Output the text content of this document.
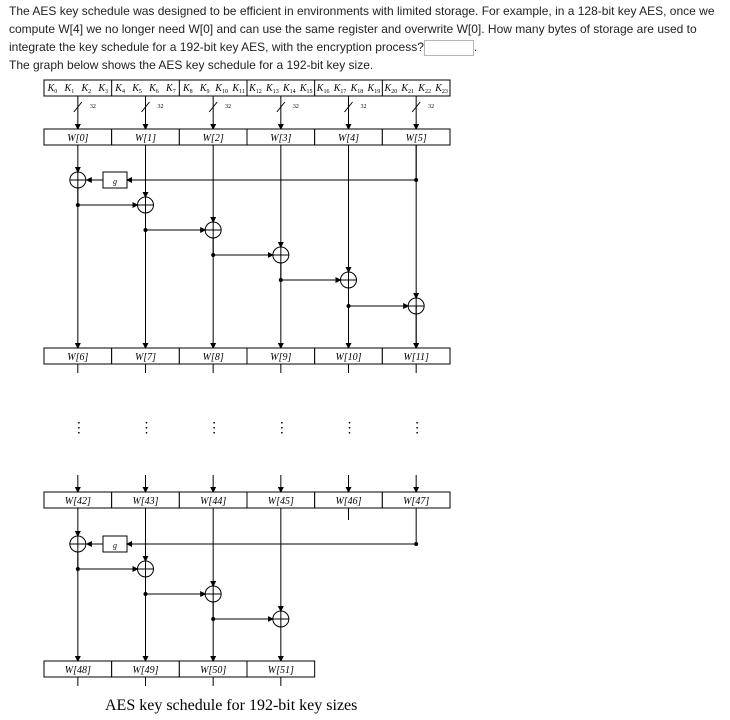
The AES key schedule was designed to be efficient in environments with limited storage. For example, in a 128-bit key AES, once we

compute W[4] we no longer need W[0] and can use the same register and overwrite W[0]. How many bytes of storage are used to

integrate the key schedule for a 192-bit key AES, with the encryption process?	.

The graph below shows the AES key schedule for a 192-bit key size.

$K_0$ $K_1$ $K_2$ $K_3$ $K_4$ $K_5$ $K_6$ $K_7$ $K_8$ $K_9$ $K_{10}$ $K_{11}$ $K_{12}$ $K_{13}$ $K_{14}$ $K_{15}$ $K_{16}$ $K_{17}$ $K_{18}$ $K_{19}$ $K_{20}$ $K_{21}$ $K_{22}$ $K_{23}$
32	32	32	32	32	32
W[0]	W[1]	W[2]	W[3]	W[4]	W[5]
g
W[6]	W[7]	W[8]	W[9]	W[10]	W[11]
⋮	⋮	⋮	⋮	⋮	⋮
W[42]	W[43]	W[44]	W[45]	W[46]	W[47]
g
W[48]	W[49]	W[50]	W[51]
AES key schedule for 192-bit key sizes
